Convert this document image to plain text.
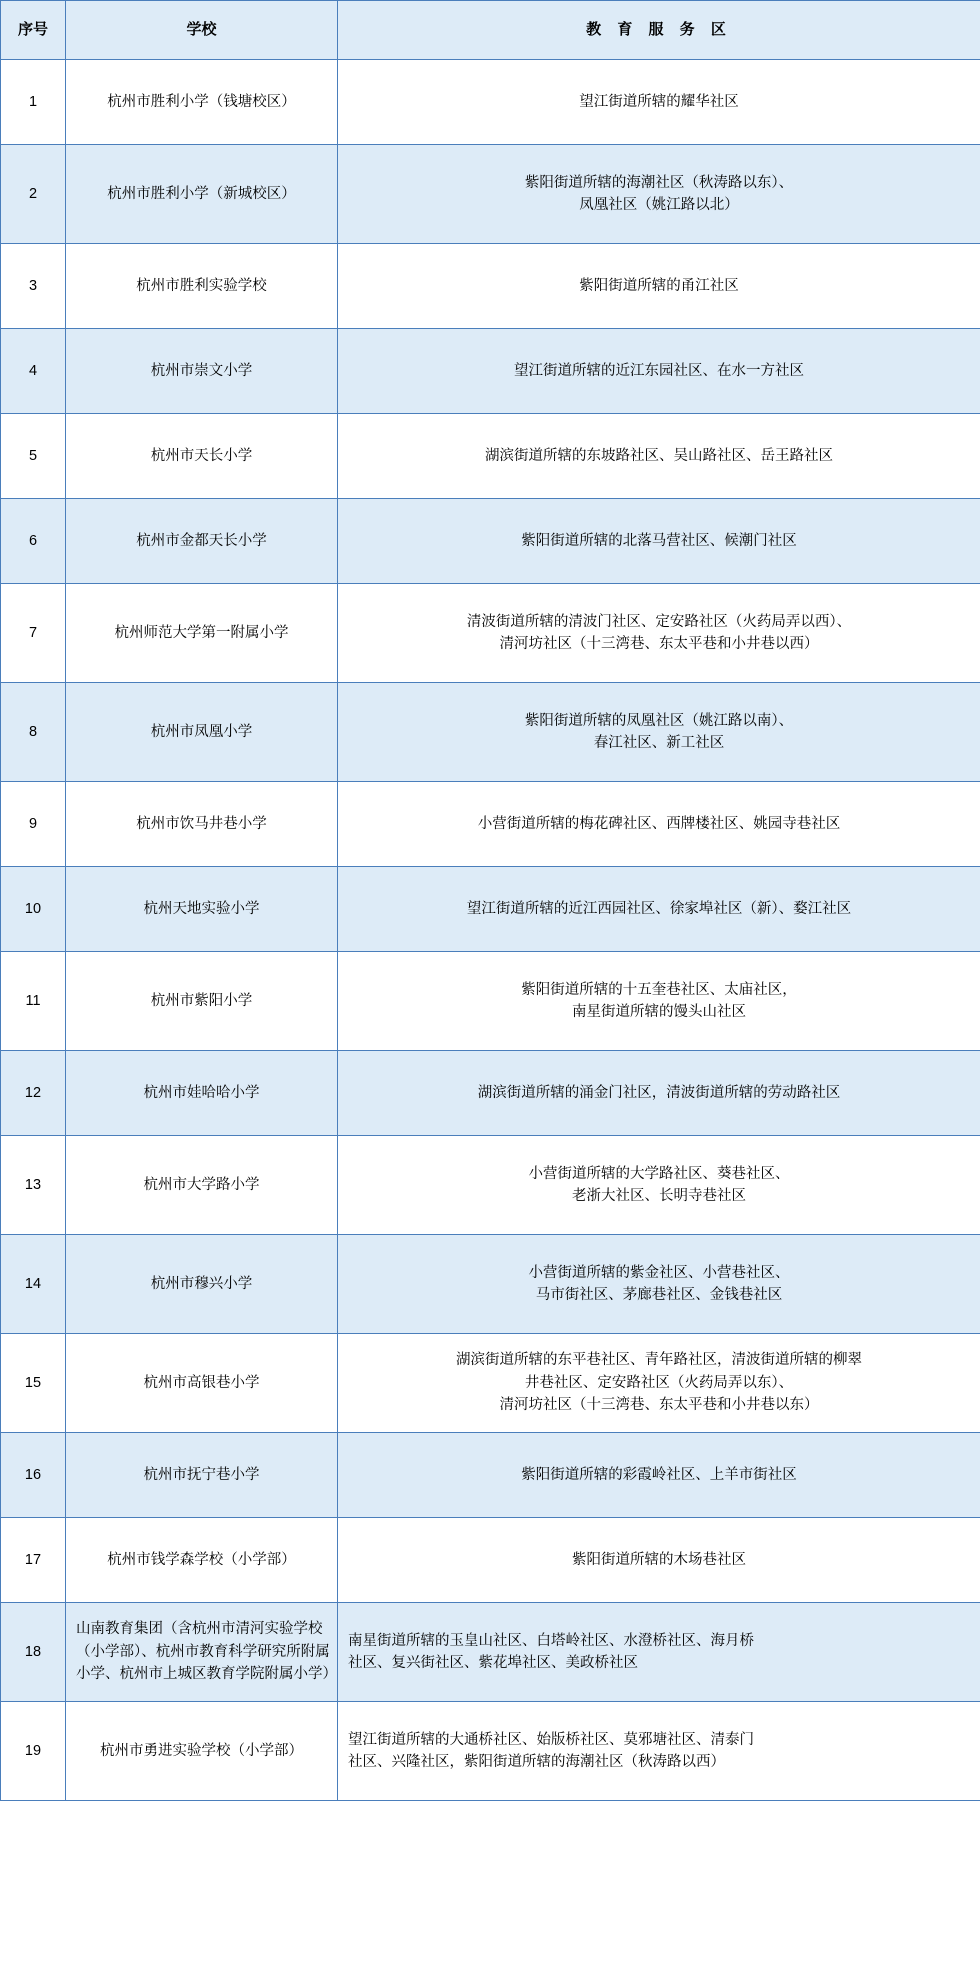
序号	学校	教 育 服 务 区
1	杭州市胜利小学（钱塘校区）	望江街道所辖的耀华社区

2	杭州市胜利小学（新城校区）	紫阳街道所辖的海潮社区（秋涛路以东）、
凤凰社区（姚江路以北）

3	杭州市胜利实验学校	紫阳街道所辖的甬江社区

4	杭州市崇文小学	望江街道所辖的近江东园社区、在水一方社区

5	杭州市天长小学	湖滨街道所辖的东坡路社区、吴山路社区、岳王路社区

6	杭州市金都天长小学	紫阳街道所辖的北落马营社区、候潮门社区

7	杭州师范大学第一附属小学	清波街道所辖的清波门社区、定安路社区（火药局弄以西）、
清河坊社区（十三湾巷、东太平巷和小井巷以西）

8	杭州市凤凰小学	紫阳街道所辖的凤凰社区（姚江路以南）、
春江社区、新工社区

9	杭州市饮马井巷小学	小营街道所辖的梅花碑社区、西牌楼社区、姚园寺巷社区

10	杭州天地实验小学	望江街道所辖的近江西园社区、徐家埠社区（新）、婺江社区

11	杭州市紫阳小学	紫阳街道所辖的十五奎巷社区、太庙社区，
南星街道所辖的馒头山社区

12	杭州市娃哈哈小学	湖滨街道所辖的涌金门社区，清波街道所辖的劳动路社区

13	杭州市大学路小学	小营街道所辖的大学路社区、葵巷社区、
老浙大社区、长明寺巷社区

14	杭州市穆兴小学	小营街道所辖的紫金社区、小营巷社区、
马市街社区、茅廊巷社区、金钱巷社区

15	杭州市高银巷小学	湖滨街道所辖的东平巷社区、青年路社区，清波街道所辖的柳翠
井巷社区、定安路社区（火药局弄以东）、
清河坊社区（十三湾巷、东太平巷和小井巷以东）

16	杭州市抚宁巷小学	紫阳街道所辖的彩霞岭社区、上羊市街社区

17	杭州市钱学森学校（小学部）	紫阳街道所辖的木场巷社区

18	山南教育集团（含杭州市清河实验学校
（小学部）、杭州市教育科学研究所附属
小学、杭州市上城区教育学院附属小学）	南星街道所辖的玉皇山社区、白塔岭社区、水澄桥社区、海月桥
社区、复兴街社区、紫花埠社区、美政桥社区

19	杭州市勇进实验学校（小学部）	望江街道所辖的大通桥社区、始版桥社区、莫邪塘社区、清泰门
社区、兴隆社区，紫阳街道所辖的海潮社区（秋涛路以西）
